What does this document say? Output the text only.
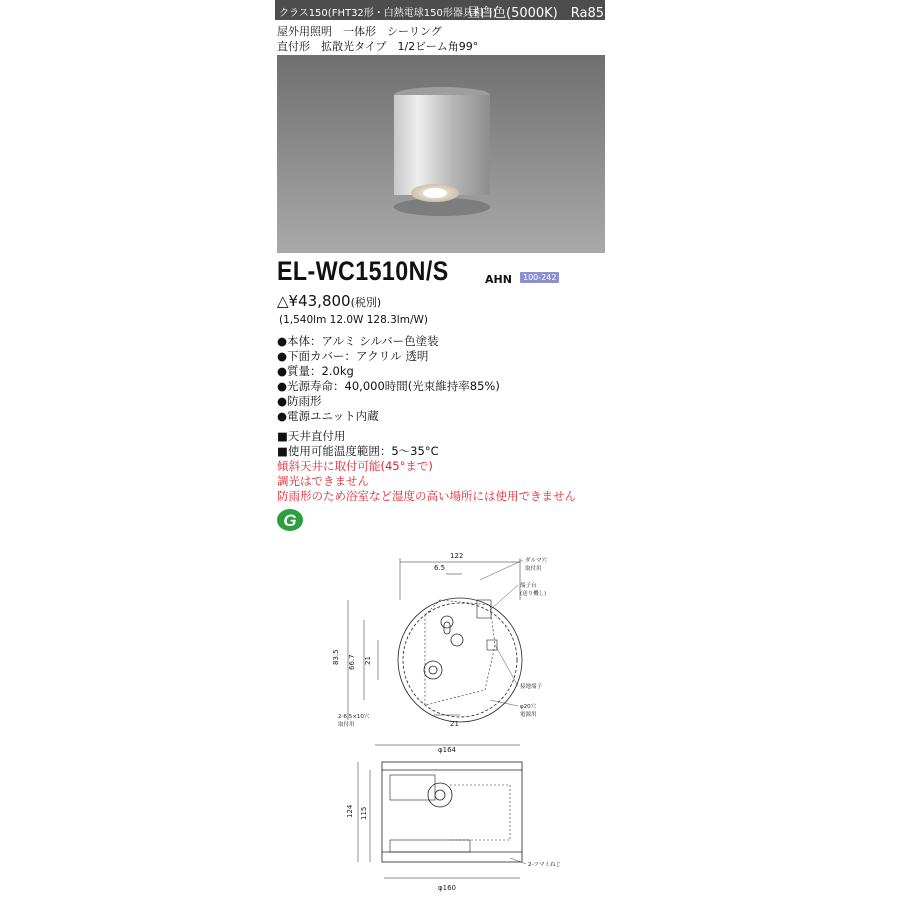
クラス150(FHT32形・白熱電球150形器具相当)
昼白色(5000K)　Ra85
屋外用照明　一体形　シーリング
直付形　拡散光タイプ　1/2ビーム角99°
EL-WC1510N/S	AHN	100-242
△¥43,800(税別)
(1,540lm 12.0W 128.3lm/W)
●本体：アルミ シルバー色塗装
●下面カバー：アクリル 透明
●質量：2.0kg
●光源寿命：40,000時間(光束維持率85%)
●防雨形
●電源ユニット内蔵
■天井直付用
■使用可能温度範囲：5～35°C
傾斜天井に取付可能(45°まで)
調光はできません
防雨形のため浴室など湿度の高い場所には使用できません
G
122
6.5
83.5 66.7 21
ダルマ穴
取付用
端子台
(送り機し)
接地端子
φ20穴
電源用
2-6.5×10穴
取付用	21
φ164
124 115
φ160
2-ツマミねじ
